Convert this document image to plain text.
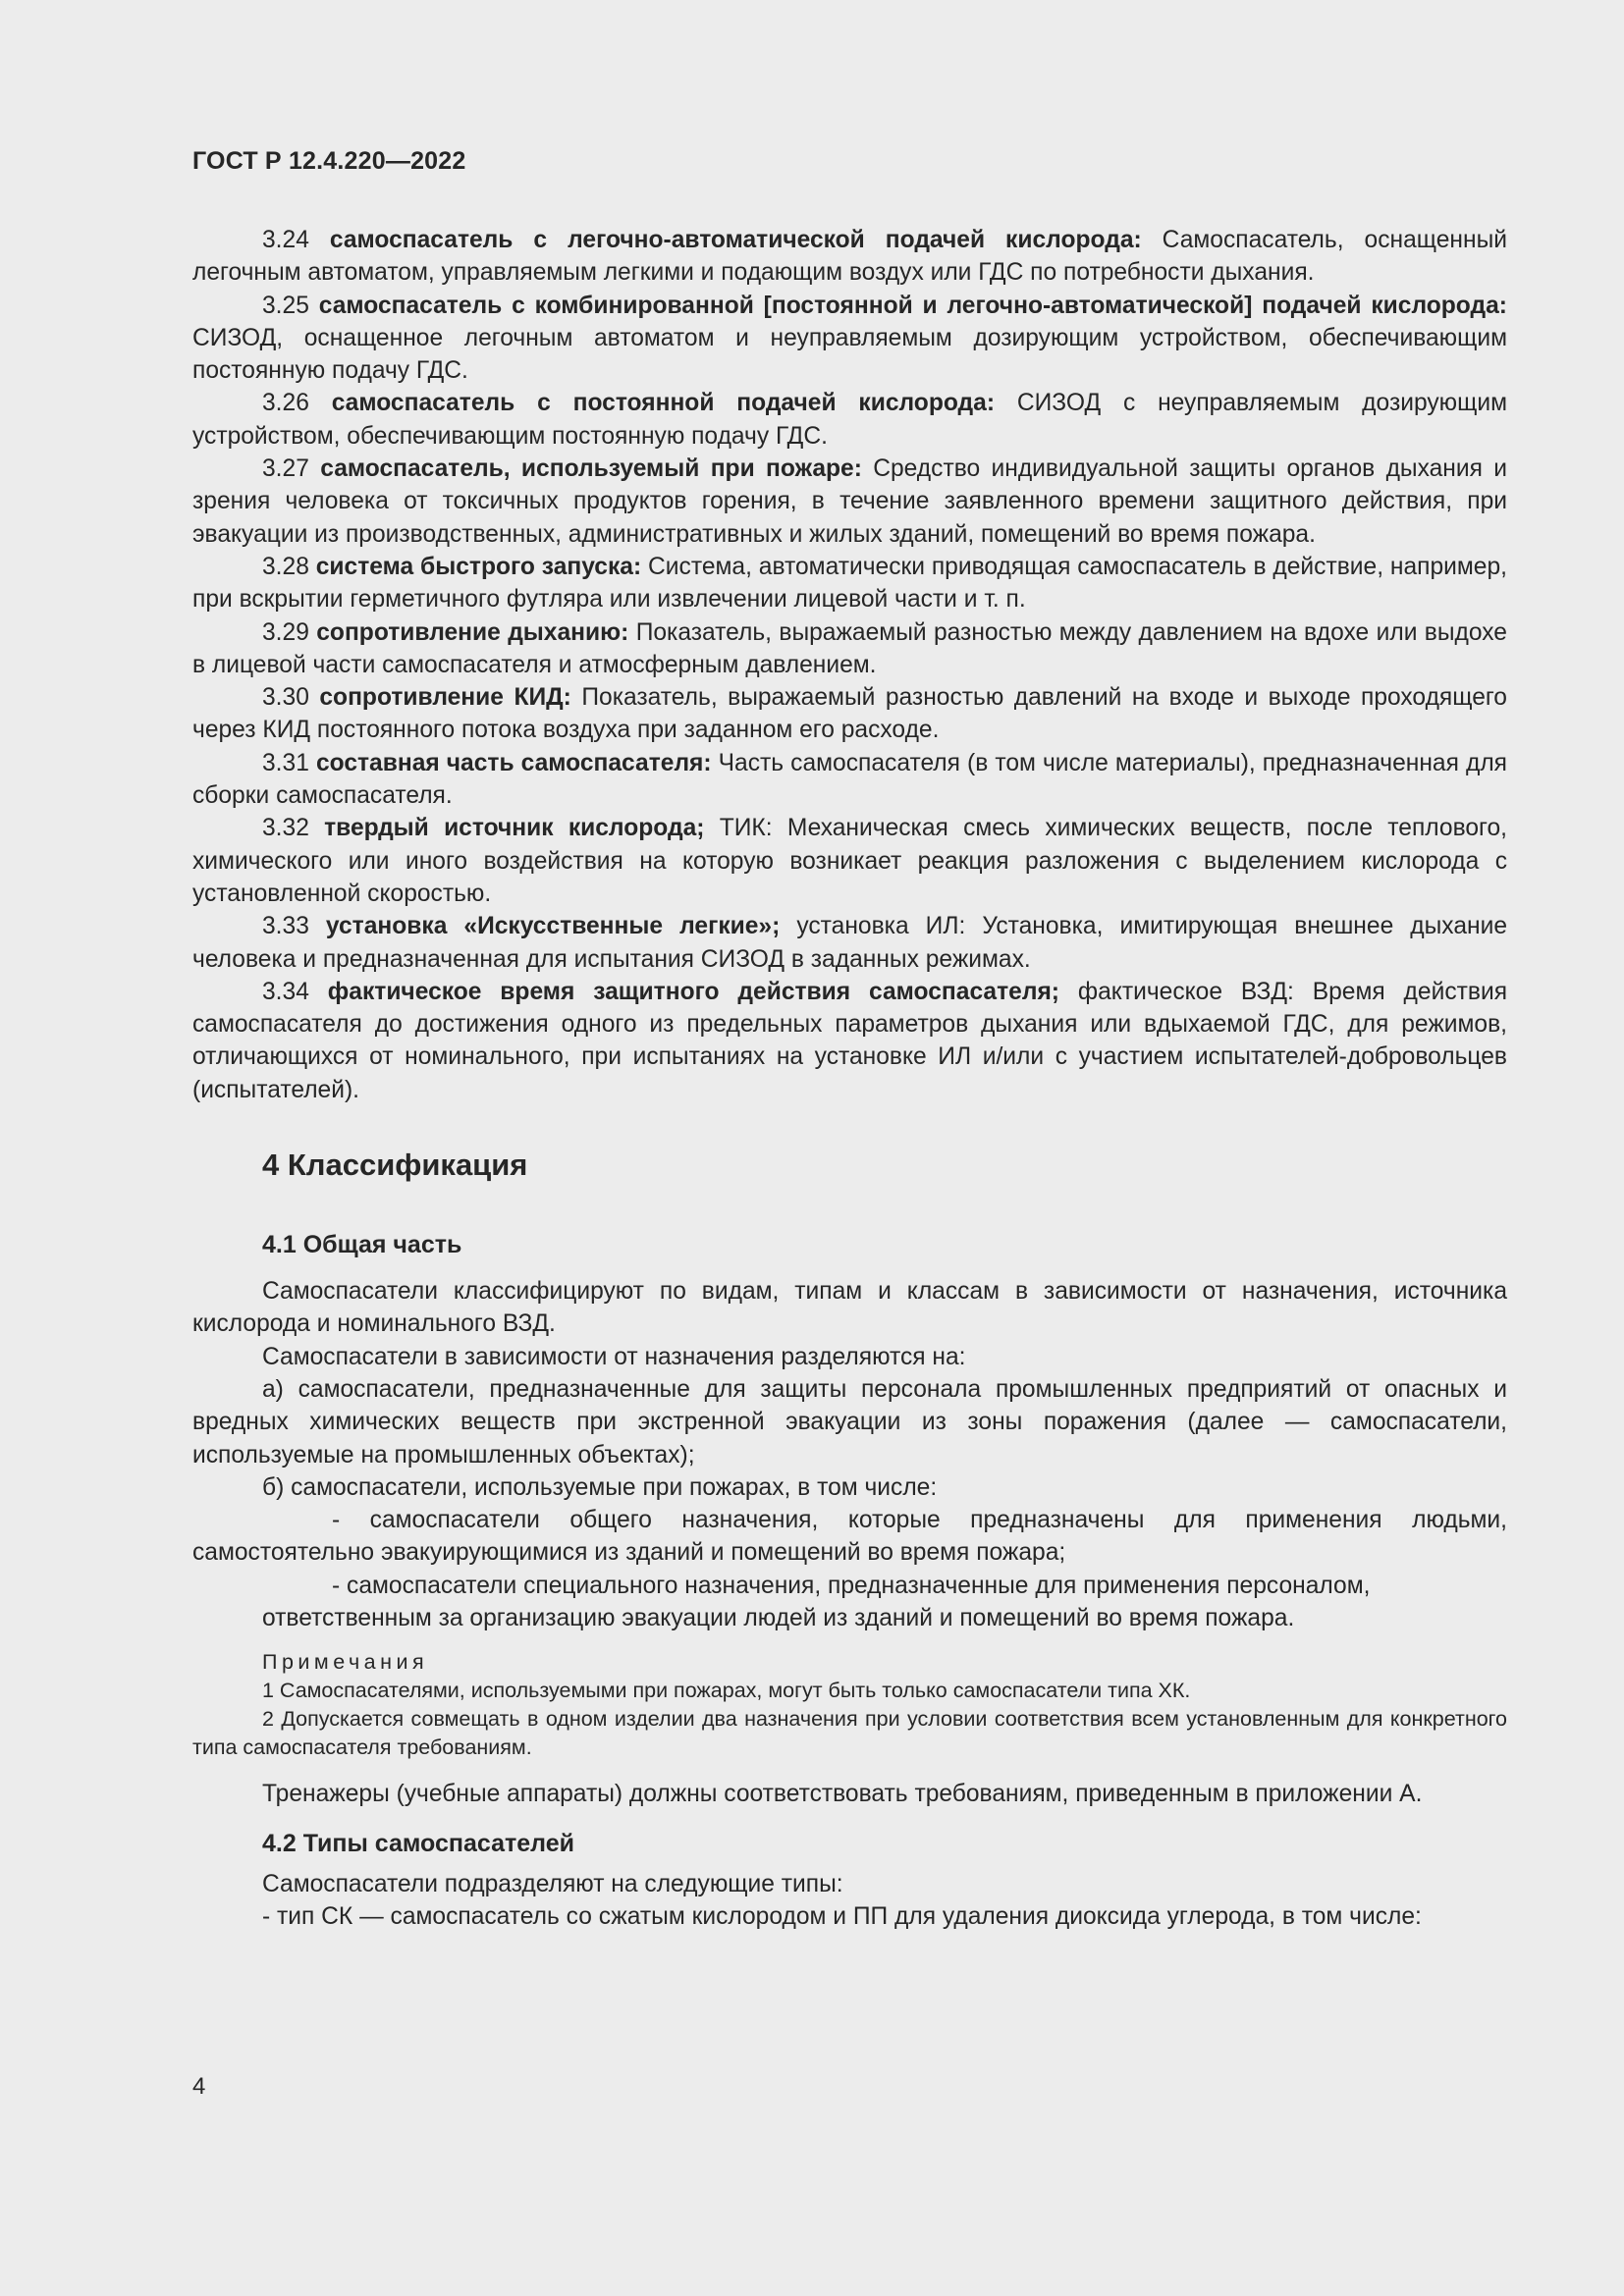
ГОСТ Р 12.4.220—2022

3.24 самоспасатель с легочно-автоматической подачей кислорода: Самоспасатель, оснащенный легочным автоматом, управляемым легкими и подающим воздух или ГДС по потребности дыхания.

3.25 самоспасатель с комбинированной [постоянной и легочно-автоматической] подачей кислорода: СИЗОД, оснащенное легочным автоматом и неуправляемым дозирующим устройством, обеспечивающим постоянную подачу ГДС.

3.26 самоспасатель с постоянной подачей кислорода: СИЗОД с неуправляемым дозирующим устройством, обеспечивающим постоянную подачу ГДС.

3.27 самоспасатель, используемый при пожаре: Средство индивидуальной защиты органов дыхания и зрения человека от токсичных продуктов горения, в течение заявленного времени защитного действия, при эвакуации из производственных, административных и жилых зданий, помещений во время пожара.

3.28 система быстрого запуска: Система, автоматически приводящая самоспасатель в действие, например, при вскрытии герметичного футляра или извлечении лицевой части и т. п.

3.29 сопротивление дыханию: Показатель, выражаемый разностью между давлением на вдохе или выдохе в лицевой части самоспасателя и атмосферным давлением.

3.30 сопротивление КИД: Показатель, выражаемый разностью давлений на входе и выходе проходящего через КИД постоянного потока воздуха при заданном его расходе.

3.31 составная часть самоспасателя: Часть самоспасателя (в том числе материалы), предназначенная для сборки самоспасателя.

3.32 твердый источник кислорода; ТИК: Механическая смесь химических веществ, после теплового, химического или иного воздействия на которую возникает реакция разложения с выделением кислорода с установленной скоростью.

3.33 установка «Искусственные легкие»; установка ИЛ: Установка, имитирующая внешнее дыхание человека и предназначенная для испытания СИЗОД в заданных режимах.

3.34 фактическое время защитного действия самоспасателя; фактическое ВЗД: Время действия самоспасателя до достижения одного из предельных параметров дыхания или вдыхаемой ГДС, для режимов, отличающихся от номинального, при испытаниях на установке ИЛ и/или с участием испытателей-добровольцев (испытателей).

4 Классификация
4.1 Общая часть

Самоспасатели классифицируют по видам, типам и классам в зависимости от назначения, источника кислорода и номинального ВЗД.

Самоспасатели в зависимости от назначения разделяются на:

а) самоспасатели, предназначенные для защиты персонала промышленных предприятий от опасных и вредных химических веществ при экстренной эвакуации из зоны поражения (далее — самоспасатели, используемые на промышленных объектах);

б) самоспасатели, используемые при пожарах, в том числе:

- самоспасатели общего назначения, которые предназначены для применения людьми, самостоятельно эвакуирующимися из зданий и помещений во время пожара;

- самоспасатели специального назначения, предназначенные для применения персоналом,

ответственным за организацию эвакуации людей из зданий и помещений во время пожара.

Примечания

1 Самоспасателями, используемыми при пожарах, могут быть только самоспасатели типа ХК.

2 Допускается совмещать в одном изделии два назначения при условии соответствия всем установленным для конкретного типа самоспасателя требованиям.

Тренажеры (учебные аппараты) должны соответствовать требованиям, приведенным в приложении А.

4.2 Типы самоспасателей

Самоспасатели подразделяют на следующие типы:

- тип СК — самоспасатель со сжатым кислородом и ПП для удаления диоксида углерода, в том числе:

4
